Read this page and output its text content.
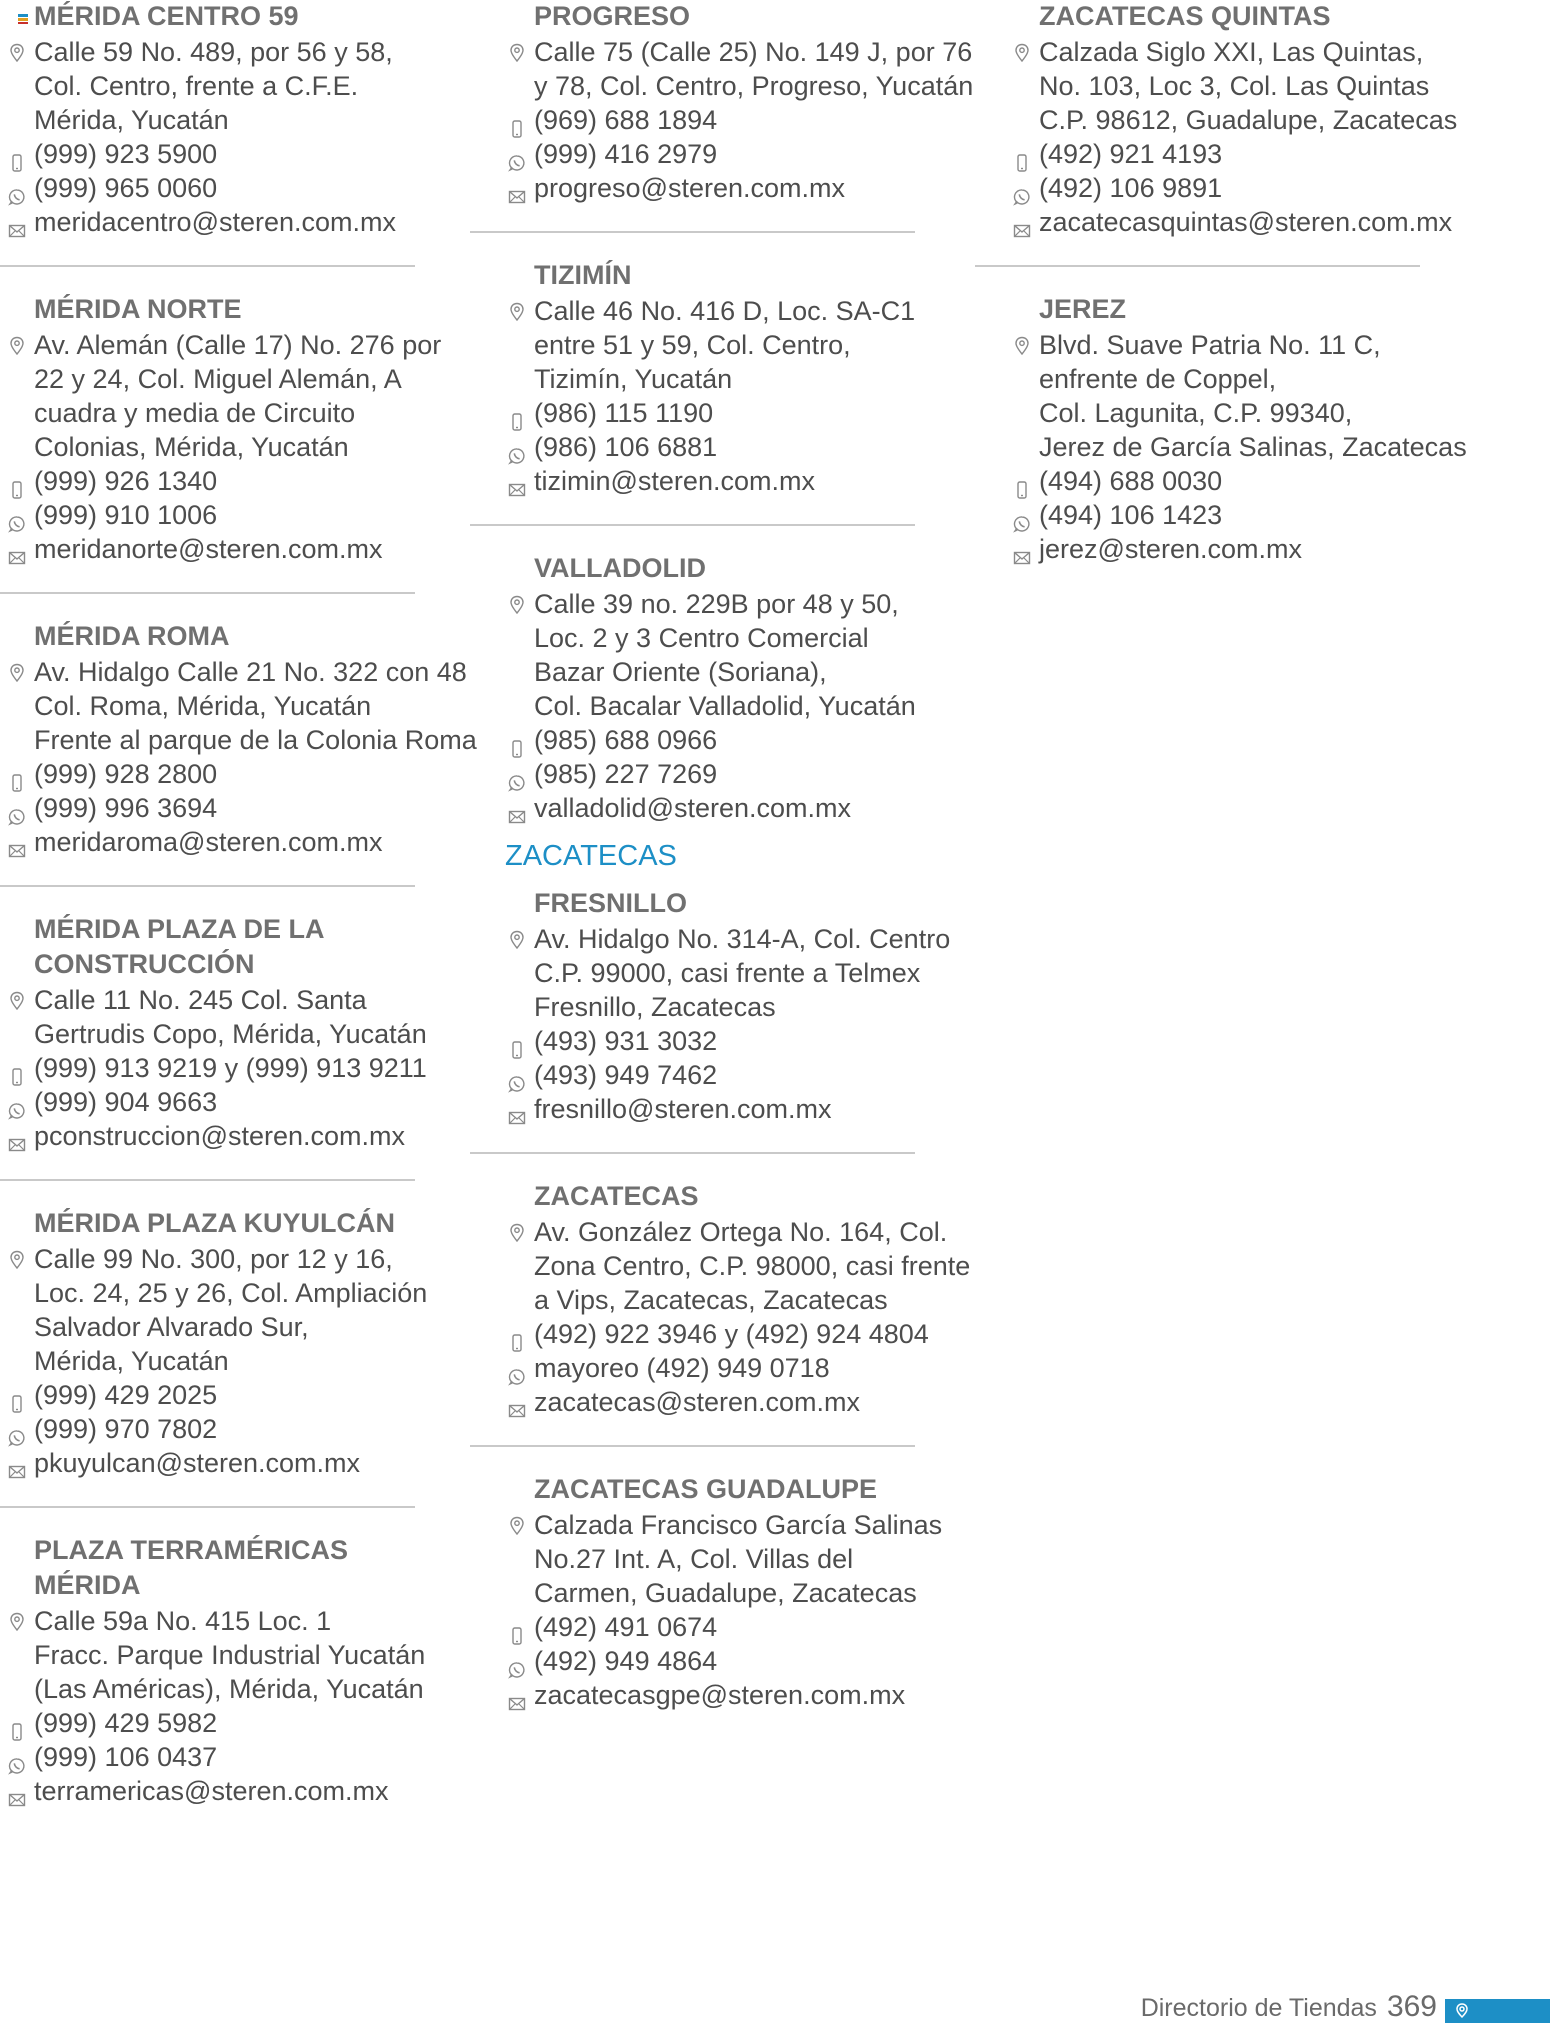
MÉRIDA CENTRO 59
Calle 59 No. 489, por 56 y 58,
Col. Centro, frente a C.F.E.
Mérida, Yucatán
(999) 923 5900
(999) 965 0060
meridacentro@steren.com.mx
MÉRIDA NORTE
Av. Alemán (Calle 17) No. 276 por
22 y 24, Col. Miguel Alemán, A
cuadra y media de Circuito
Colonias, Mérida, Yucatán
(999) 926 1340
(999) 910 1006
meridanorte@steren.com.mx
MÉRIDA ROMA
Av. Hidalgo Calle 21 No. 322 con 48
Col. Roma, Mérida, Yucatán
Frente al parque de la Colonia Roma
(999) 928 2800
(999) 996 3694
meridaroma@steren.com.mx
MÉRIDA PLAZA DE LA
CONSTRUCCIÓN
Calle 11 No. 245 Col. Santa
Gertrudis Copo, Mérida, Yucatán
(999) 913 9219 y (999) 913 9211
(999) 904 9663
pconstruccion@steren.com.mx
MÉRIDA PLAZA KUYULCÁN
Calle 99 No. 300, por 12 y 16,
Loc. 24, 25 y 26, Col. Ampliación
Salvador Alvarado Sur,
Mérida, Yucatán
(999) 429 2025
(999) 970 7802
pkuyulcan@steren.com.mx
PLAZA TERRAMÉRICAS
MÉRIDA
Calle 59a No. 415 Loc. 1
Fracc. Parque Industrial Yucatán
(Las Américas), Mérida, Yucatán
(999) 429 5982
(999) 106 0437
terramericas@steren.com.mx
PROGRESO
Calle 75 (Calle 25) No. 149 J, por 76
y 78, Col. Centro, Progreso, Yucatán
(969) 688 1894
(999) 416 2979
progreso@steren.com.mx
TIZIMÍN
Calle 46 No. 416 D, Loc. SA-C1
entre 51 y 59, Col. Centro,
Tizimín, Yucatán
(986) 115 1190
(986) 106 6881
tizimin@steren.com.mx
VALLADOLID
Calle 39 no. 229B por 48 y 50,
Loc. 2 y 3 Centro Comercial
Bazar Oriente (Soriana),
Col. Bacalar Valladolid, Yucatán
(985) 688 0966
(985) 227 7269
valladolid@steren.com.mx
ZACATECAS
FRESNILLO
Av. Hidalgo No. 314-A, Col. Centro
C.P. 99000, casi frente a Telmex
Fresnillo, Zacatecas
(493) 931 3032
(493) 949 7462
fresnillo@steren.com.mx
ZACATECAS
Av. González Ortega No. 164, Col.
Zona Centro, C.P. 98000, casi frente
a Vips, Zacatecas, Zacatecas
(492) 922 3946 y (492) 924 4804
mayoreo (492) 949 0718
zacatecas@steren.com.mx
ZACATECAS GUADALUPE
Calzada Francisco García Salinas
No.27 Int. A, Col. Villas del
Carmen, Guadalupe, Zacatecas
(492) 491 0674
(492) 949 4864
zacatecasgpe@steren.com.mx
ZACATECAS QUINTAS
Calzada Siglo XXI, Las Quintas,
No. 103, Loc 3, Col. Las Quintas
C.P. 98612, Guadalupe, Zacatecas
(492) 921 4193
(492) 106 9891
zacatecasquintas@steren.com.mx
JEREZ
Blvd. Suave Patria No. 11 C,
enfrente de Coppel,
Col. Lagunita, C.P. 99340,
Jerez de García Salinas, Zacatecas
(494) 688 0030
(494) 106 1423
jerez@steren.com.mx
Directorio de Tiendas 369
